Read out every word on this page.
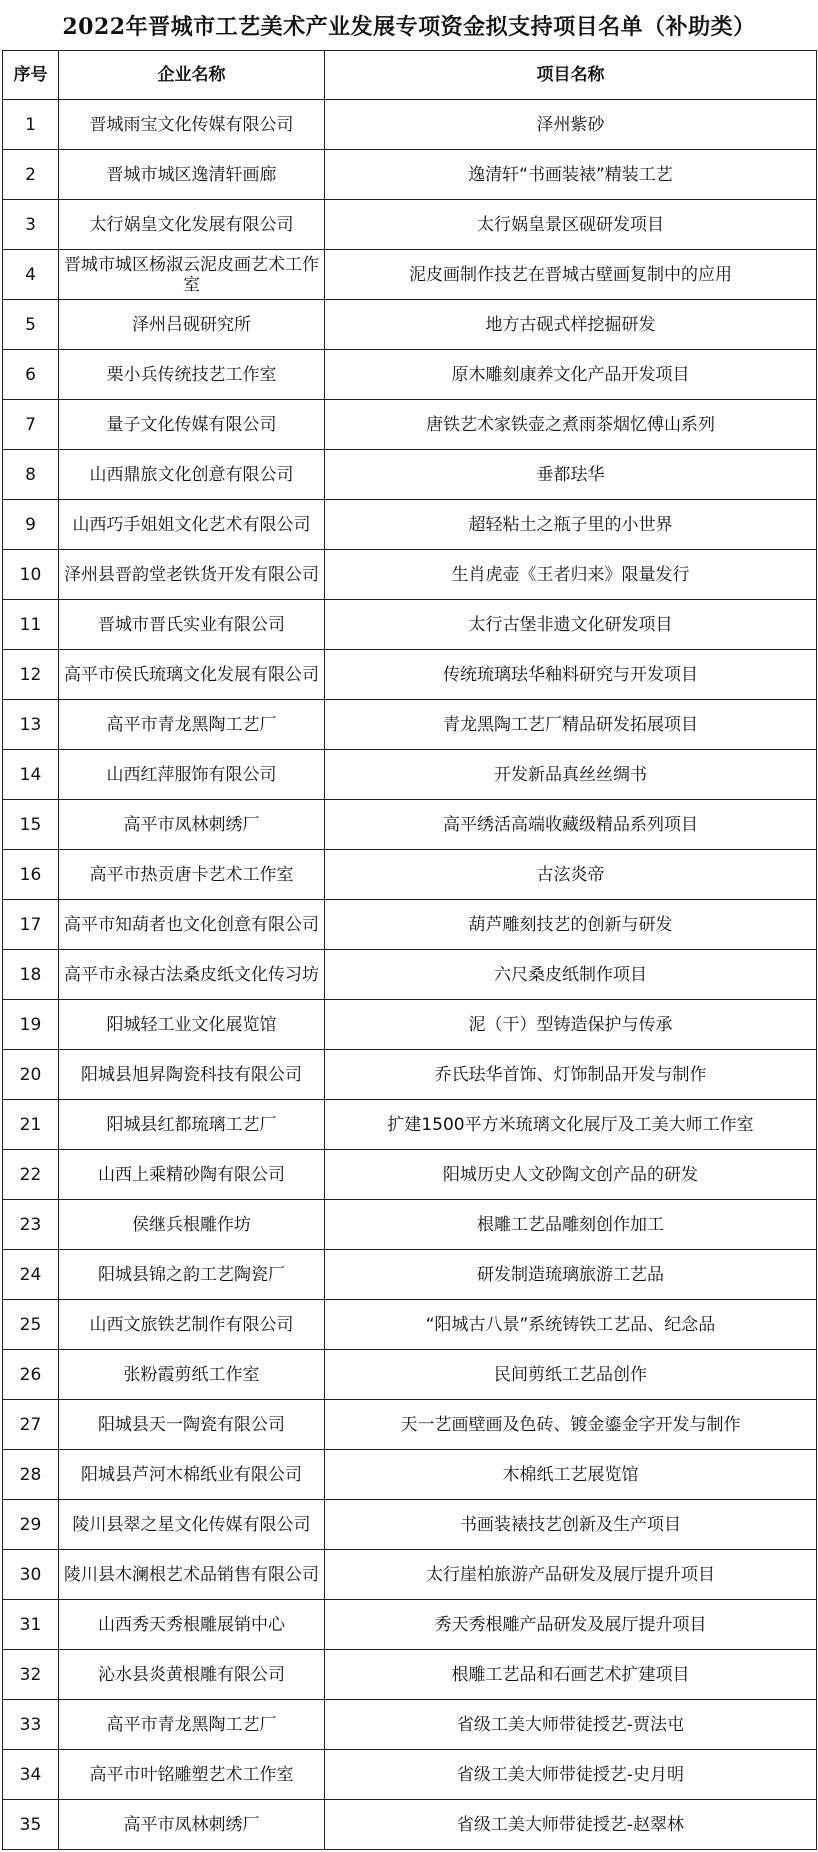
2022年晋城市工艺美术产业发展专项资金拟支持项目名单（补助类）
序号	企业名称	项目名称
1	晋城雨宝文化传媒有限公司	泽州紫砂
2	晋城市城区逸清轩画廊	逸清轩“书画装裱”精装工艺
3	太行娲皇文化发展有限公司	太行娲皇景区砚研发项目
4	晋城市城区杨淑云泥皮画艺术工作室	泥皮画制作技艺在晋城古壁画复制中的应用
5	泽州吕砚研究所	地方古砚式样挖掘研发
6	栗小兵传统技艺工作室	原木雕刻康养文化产品开发项目
7	量子文化传媒有限公司	唐铁艺术家铁壶之煮雨茶烟忆傅山系列
8	山西鼎旅文化创意有限公司	垂都珐华
9	山西巧手姐姐文化艺术有限公司	超轻粘土之瓶子里的小世界
10	泽州县晋韵堂老铁货开发有限公司	生肖虎壶《王者归来》限量发行
11	晋城市晋氏实业有限公司	太行古堡非遗文化研发项目
12	高平市侯氏琉璃文化发展有限公司	传统琉璃珐华釉料研究与开发项目
13	高平市青龙黑陶工艺厂	青龙黑陶工艺厂精品研发拓展项目
14	山西红萍服饰有限公司	开发新品真丝丝绸书
15	高平市凤林刺绣厂	高平绣活高端收藏级精品系列项目
16	高平市热贡唐卡艺术工作室	古泫炎帝
17	高平市知葫者也文化创意有限公司	葫芦雕刻技艺的创新与研发
18	高平市永禄古法桑皮纸文化传习坊	六尺桑皮纸制作项目
19	阳城轻工业文化展览馆	泥（干）型铸造保护与传承
20	阳城县旭昇陶瓷科技有限公司	乔氏珐华首饰、灯饰制品开发与制作
21	阳城县红都琉璃工艺厂	扩建1500平方米琉璃文化展厅及工美大师工作室
22	山西上乘精砂陶有限公司	阳城历史人文砂陶文创产品的研发
23	侯继兵根雕作坊	根雕工艺品雕刻创作加工
24	阳城县锦之韵工艺陶瓷厂	研发制造琉璃旅游工艺品
25	山西文旅铁艺制作有限公司	“阳城古八景”系统铸铁工艺品、纪念品
26	张粉霞剪纸工作室	民间剪纸工艺品创作
27	阳城县天一陶瓷有限公司	天一艺画壁画及色砖、镀金鎏金字开发与制作
28	阳城县芦河木棉纸业有限公司	木棉纸工艺展览馆
29	陵川县翠之星文化传媒有限公司	书画装裱技艺创新及生产项目
30	陵川县木澜根艺术品销售有限公司	太行崖柏旅游产品研发及展厅提升项目
31	山西秀天秀根雕展销中心	秀天秀根雕产品研发及展厅提升项目
32	沁水县炎黄根雕有限公司	根雕工艺品和石画艺术扩建项目
33	高平市青龙黑陶工艺厂	省级工美大师带徒授艺-贾法屯
34	高平市叶铭雕塑艺术工作室	省级工美大师带徒授艺-史月明
35	高平市凤林刺绣厂	省级工美大师带徒授艺-赵翠林
